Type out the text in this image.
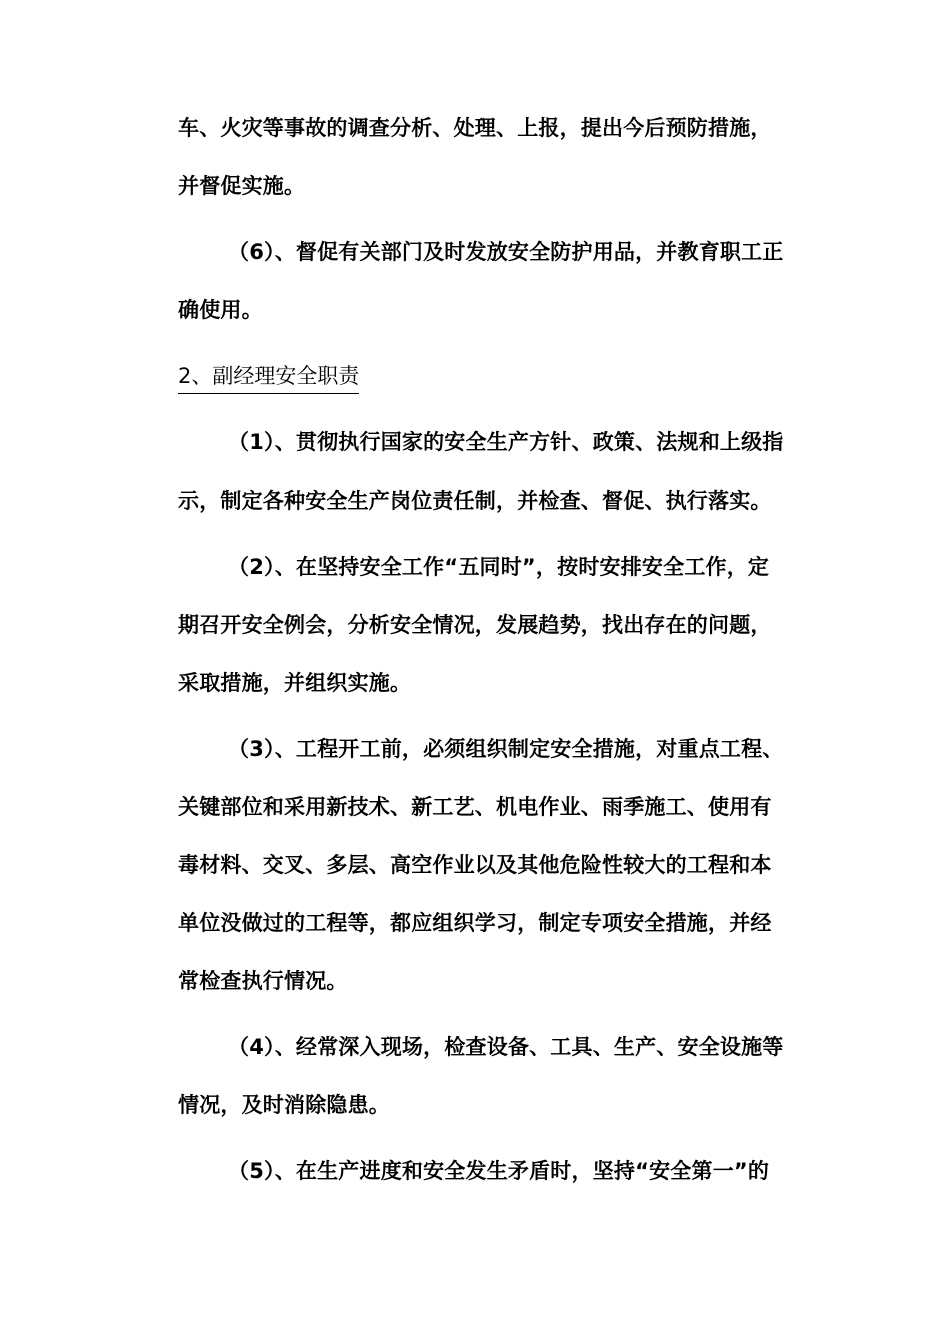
车、火灾等事故的调查分析、处理、上报，提出今后预防措施，
并督促实施。
（6）、督促有关部门及时发放安全防护用品，并教育职工正
确使用。
2、副经理安全职责
（1）、贯彻执行国家的安全生产方针、政策、法规和上级指
示，制定各种安全生产岗位责任制，并检查、督促、执行落实。
（2）、在坚持安全工作“五同时”，按时安排安全工作，定
期召开安全例会，分析安全情况，发展趋势，找出存在的问题，
采取措施，并组织实施。
（3）、工程开工前，必须组织制定安全措施，对重点工程、
关键部位和采用新技术、新工艺、机电作业、雨季施工、使用有
毒材料、交叉、多层、高空作业以及其他危险性较大的工程和本
单位没做过的工程等，都应组织学习，制定专项安全措施，并经
常检查执行情况。
（4）、经常深入现场，检查设备、工具、生产、安全设施等
情况，及时消除隐患。
（5）、在生产进度和安全发生矛盾时，坚持“安全第一”的
